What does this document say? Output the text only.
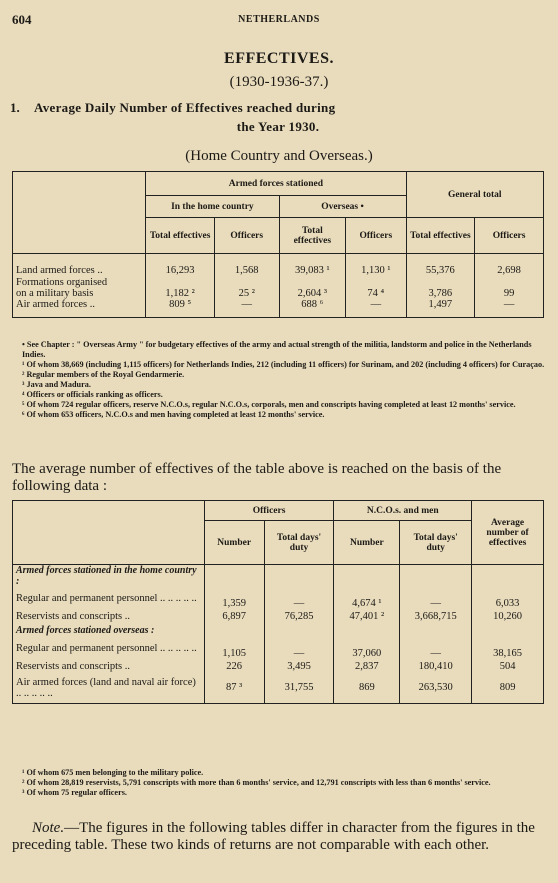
604	NETHERLANDS
EFFECTIVES.
(1930-1936-37.)
1. Average Daily Number of Effectives reached during
the Year 1930.
(Home Country and Overseas.)
	Armed forces stationed				General total	
	In the home country		Overseas •			
	Total effectives	Officers	Total effectives	Officers	Total effectives	Officers

Land armed forces ..	16,293	1,568	39,083 ¹	1,130 ¹	55,376	2,698
Formations organised						
on a military basis	1,182 ²	25 ²	2,604 ³	74 ⁴	3,786	99
Air armed forces ..	809 ⁵	—	688 ⁶	—	1,497	—

• See Chapter : " Overseas Army " for budgetary effectives of the army and actual strength of the militia, landstorm and police in the Netherlands Indies.

¹ Of whom 38,669 (including 1,115 officers) for Netherlands Indies, 212 (including 11 officers) for Surinam, and 202 (including 4 officers) for Curaçao.

² Regular members of the Royal Gendarmerie.

³ Java and Madura.

⁴ Officers or officials ranking as officers.

⁵ Of whom 724 regular officers, reserve N.C.O.s, regular N.C.O.s, corporals, men and conscripts having completed at least 12 months' service.

⁶ Of whom 653 officers, N.C.O.s and men having completed at least 12 months' service.

The average number of effectives of the table above is reached on the basis of the following data :
	Officers		N.C.O.s. and men		Average number of effectives
	Number	Total days' duty	Number	Total days' duty	
Armed forces stationed in the home country :					
Regular and permanent personnel .. .. .. .. ..	1,359	—	4,674 ¹	—	6,033
Reservists and conscripts ..	6,897	76,285	47,401 ²	3,668,715	10,260
Armed forces stationed overseas :					
Regular and permanent personnel .. .. .. .. ..	1,105	—	37,060	—	38,165
Reservists and conscripts ..	226	3,495	2,837	180,410	504
Air armed forces (land and naval air force) .. .. .. .. ..	87 ³	31,755	869	263,530	809

¹ Of whom 675 men belonging to the military police.

² Of whom 28,819 reservists, 5,791 conscripts with more than 6 months' service, and 12,791 conscripts with less than 6 months' service.

³ Of whom 75 regular officers.

Note.—The figures in the following tables differ in character from the figures in the preceding table. These two kinds of returns are not comparable with each other.
